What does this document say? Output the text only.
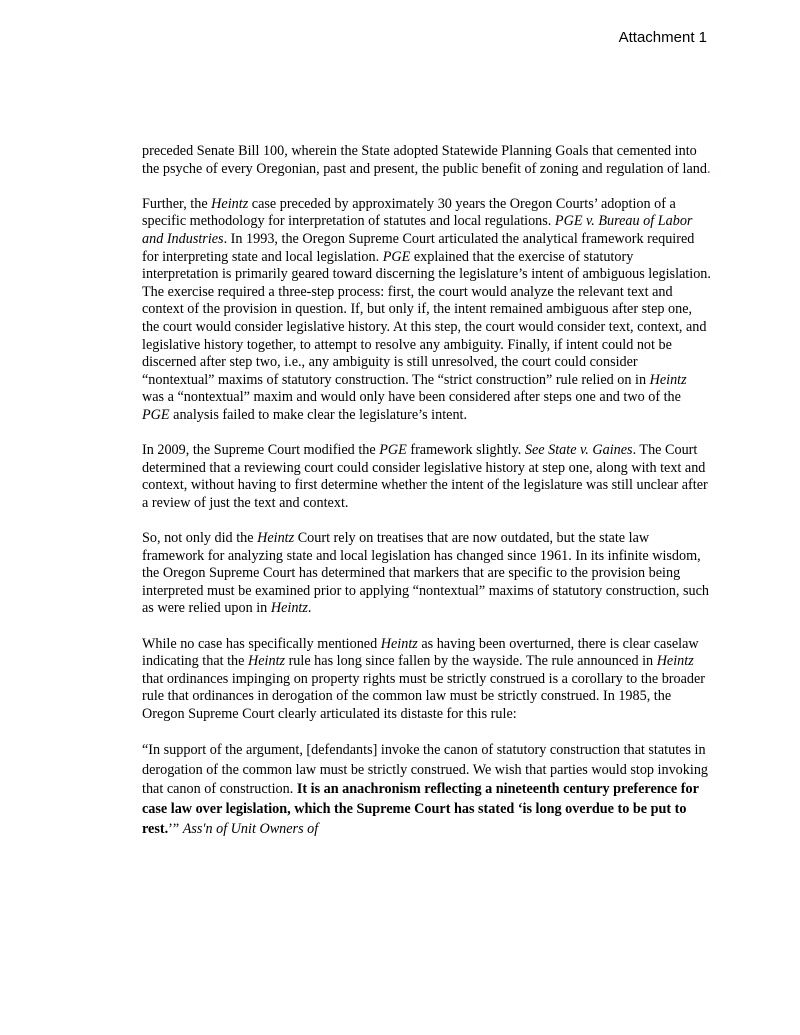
Attachment 1

preceded Senate Bill 100, wherein the State adopted Statewide Planning Goals that cemented into the psyche of every Oregonian, past and present, the public benefit of zoning and regulation of land.

Further, the Heintz case preceded by approximately 30 years the Oregon Courts’ adoption of a specific methodology for interpretation of statutes and local regulations. PGE v. Bureau of Labor and Industries. In 1993, the Oregon Supreme Court articulated the analytical framework required for interpreting state and local legislation. PGE explained that the exercise of statutory interpretation is primarily geared toward discerning the legislature’s intent of ambiguous legislation. The exercise required a three-step process: first, the court would analyze the relevant text and context of the provision in question. If, but only if, the intent remained ambiguous after step one, the court would consider legislative history. At this step, the court would consider text, context, and legislative history together, to attempt to resolve any ambiguity. Finally, if intent could not be discerned after step two, i.e., any ambiguity is still unresolved, the court could consider “nontextual” maxims of statutory construction. The “strict construction” rule relied on in Heintz was a “nontextual” maxim and would only have been considered after steps one and two of the PGE analysis failed to make clear the legislature’s intent.

In 2009, the Supreme Court modified the PGE framework slightly. See State v. Gaines. The Court determined that a reviewing court could consider legislative history at step one, along with text and context, without having to first determine whether the intent of the legislature was still unclear after a review of just the text and context.

So, not only did the Heintz Court rely on treatises that are now outdated, but the state law framework for analyzing state and local legislation has changed since 1961. In its infinite wisdom, the Oregon Supreme Court has determined that markers that are specific to the provision being interpreted must be examined prior to applying “nontextual” maxims of statutory construction, such as were relied upon in Heintz.

While no case has specifically mentioned Heintz as having been overturned, there is clear caselaw indicating that the Heintz rule has long since fallen by the wayside. The rule announced in Heintz that ordinances impinging on property rights must be strictly construed is a corollary to the broader rule that ordinances in derogation of the common law must be strictly construed. In 1985, the Oregon Supreme Court clearly articulated its distaste for this rule:

“In support of the argument, [defendants] invoke the canon of statutory construction that statutes in derogation of the common law must be strictly construed. We wish that parties would stop invoking that canon of construction. It is an anachronism reflecting a nineteenth century preference for case law over legislation, which the Supreme Court has stated ‘is long overdue to be put to rest.’” Ass'n of Unit Owners of
